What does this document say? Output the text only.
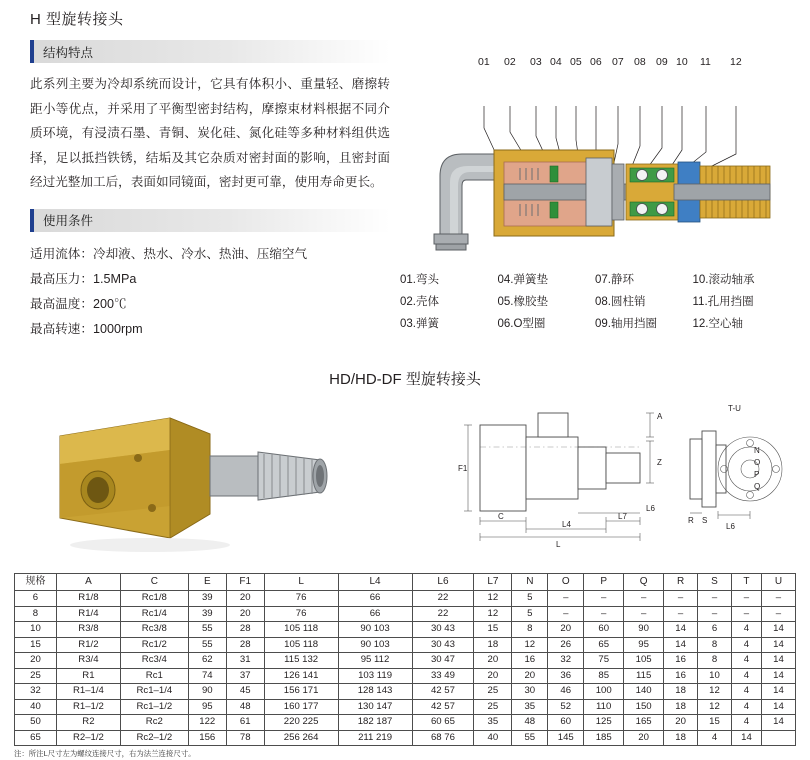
H 型旋转接头
结构特点
此系列主要为冷却系统而设计，它具有体积小、重量轻、磨擦转距小等优点，并采用了平衡型密封结构，摩擦束材料根据不同介质环境，有浸渍石墨、青铜、炭化硅、氮化硅等多种材料组供选择，足以抵挡铁锈，结垢及其它杂质对密封面的影响，且密封面经过光整加工后，表面如同镜面，密封更可靠，使用寿命更长。
使用条件
适用流体：冷却液、热水、冷水、热油、压缩空气
最高压力：1.5MPa
最高温度：200℃
最高转速：1000rpm
01 02 03 04 05 06 07 08 09 10 11 12
01.弯头	04.弹簧垫	07.静环	10.滚动轴承
02.壳体	05.橡胶垫	08.圆柱销	11.孔用挡圈
03.弹簧	06.O型圈	09.轴用挡圈	12.空心轴
HD/HD-DF 型旋转接头
A
Z
F1
C
L4
L7
L6
L
T-U
N
O
P
Q
R S
L6
规格	A	C	E	F1	L	L4	L6	L7	N	O	P	Q	R	S	T	U
6	R1/8	Rc1/8	39	20	76	66	22	12	5	–	–	–	–	–	–	–
8	R1/4	Rc1/4	39	20	76	66	22	12	5	–	–	–	–	–	–	–
10	R3/8	Rc3/8	55	28	105 118	90 103	30 43	15	8	20	60	90	14	6	4	14
15	R1/2	Rc1/2	55	28	105 118	90 103	30 43	18	12	26	65	95	14	8	4	14
20	R3/4	Rc3/4	62	31	115 132	95 112	30 47	20	16	32	75	105	16	8	4	14
25	R1	Rc1	74	37	126 141	103 119	33 49	20	20	36	85	115	16	10	4	14
32	R1–1/4	Rc1–1/4	90	45	156 171	128 143	42 57	25	30	46	100	140	18	12	4	14
40	R1–1/2	Rc1–1/2	95	48	160 177	130 147	42 57	25	35	52	110	150	18	12	4	14
50	R2	Rc2	122	61	220 225	182 187	60 65	35	48	60	125	165	20	15	4	14
65	R2–1/2	Rc2–1/2	156	78	256 264	211 219	68 76	40	55	145	185	20	18	4	14	
注：所注L尺寸左为螺纹连接尺寸，右为法兰连接尺寸。
